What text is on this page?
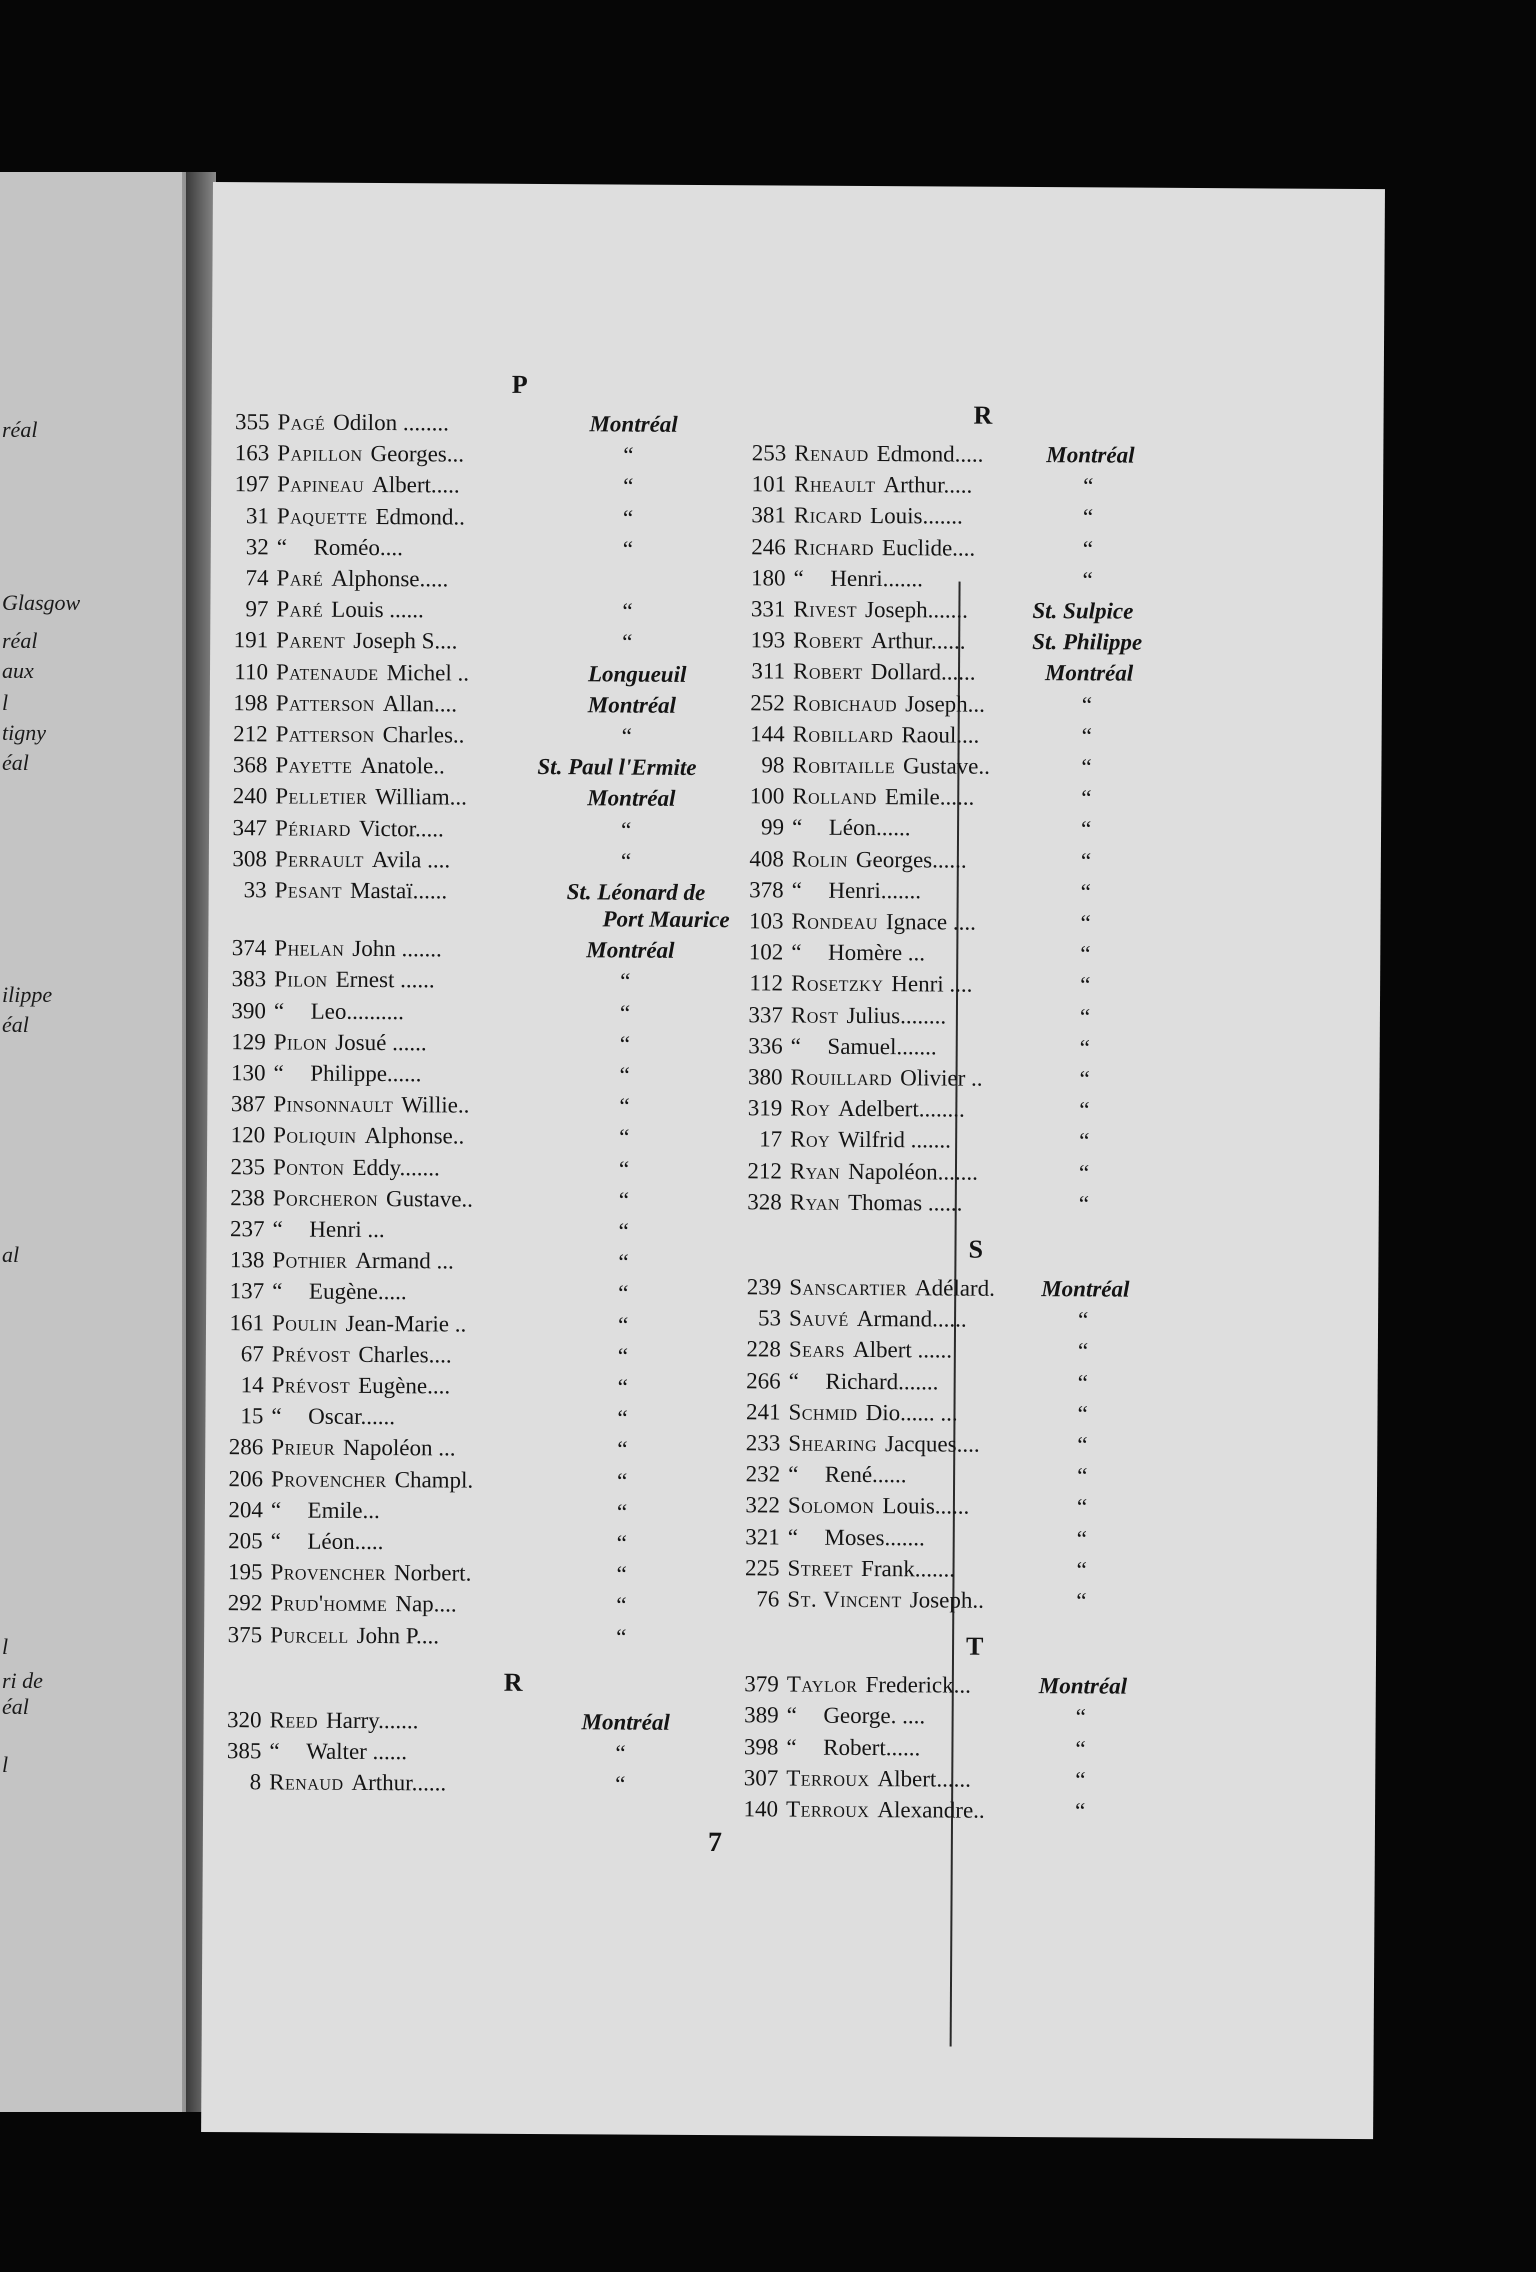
réal
Glasgow
réal
aux
l
tigny
éal
ilippe
éal
al
l
ri de
éal
l
P
355 Pagé Odilon ........	Montréal
163 Papillon Georges...	“
197 Papineau Albert.....	“
31 Paquette Edmond..	“
32 “ Roméo....	“
74 Paré Alphonse.....
97 Paré Louis ......	“
191 Parent Joseph S....	“
110 Patenaude Michel ..	Longueuil
198 Patterson Allan....	Montréal
212 Patterson Charles..	“
368 Payette Anatole..	St. Paul l'Ermite
240 Pelletier William...	Montréal
347 Périard Victor.....	“
308 Perrault Avila ....	“
33 Pesant Mastaï......	St. Léonard de
Port Maurice
374 Phelan John .......	Montréal
383 Pilon Ernest ......	“
390 “ Leo..........	“
129 Pilon Josué ......	“
130 “ Philippe......	“
387 Pinsonnault Willie..	“
120 Poliquin Alphonse..	“
235 Ponton Eddy.......	“
238 Porcheron Gustave..	“
237 “ Henri ...	“
138 Pothier Armand ...	“
137 “ Eugène.....	“
161 Poulin Jean-Marie ..	“
67 Prévost Charles....	“
14 Prévost Eugène....	“
15 “ Oscar......	“
286 Prieur Napoléon ...	“
206 Provencher Champl.	“
204 “ Emile...	“
205 “ Léon.....	“
195 Provencher Norbert.	“
292 Prud'homme Nap....	“
375 Purcell John P....	“
R
320 Reed Harry.......	Montréal
385 “ Walter ......	“
8 Renaud Arthur......	“
R
253 Renaud Edmond.....	Montréal
101 Rheault Arthur.....	“
381 Ricard Louis.......	“
246 Richard Euclide....	“
180 “ Henri.......	“
331 Rivest Joseph.......	St. Sulpice
193 Robert Arthur......	St. Philippe
311 Robert Dollard......	Montréal
252 Robichaud Joseph...	“
144 Robillard Raoul....	“
98 Robitaille Gustave..	“
100 Rolland Emile......	“
99 “ Léon......	“
408 Rolin Georges......	“
378 “ Henri.......	“
103 Rondeau Ignace ....	“
102 “ Homère ...	“
112 Rosetzky Henri ....	“
337 Rost Julius........	“
336 “ Samuel.......	“
380 Rouillard Olivier ..	“
319 Roy Adelbert........	“
17 Roy Wilfrid .......	“
212 Ryan Napoléon.......	“
328 Ryan Thomas ......	“
S
239 Sanscartier Adélard. Montréal
53 Sauvé Armand......	“
228 Sears Albert ......	“
266 “ Richard.......	“
241 Schmid Dio...... ...	“
233 Shearing Jacques....	“
232 “ René......	“
322 Solomon Louis......	“
321 “ Moses.......	“
225 Street Frank.......	“
76 St. Vincent Joseph..	“
T
379 Taylor Frederick...	Montréal
389 “ George. ....	“
398 “ Robert......	“
307 Terroux Albert......	“
140 Terroux Alexandre..	“
7
